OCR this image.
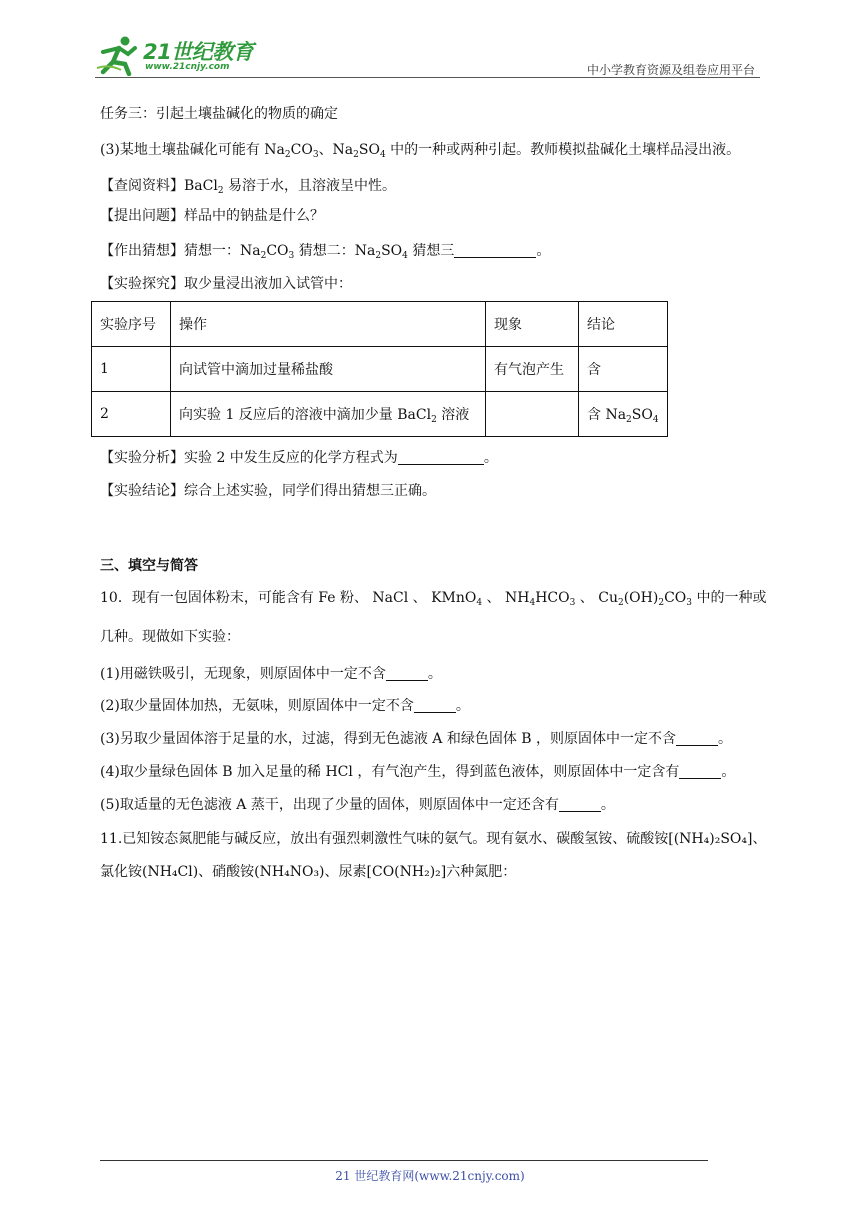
21世纪教育
www.21cnjy.com	中小学教育资源及组卷应用平台
任务三：引起土壤盐碱化的物质的确定
(3)某地土壤盐碱化可能有 $Na_2CO_3$、$Na_2SO_4$ 中的一种或两种引起。教师模拟盐碱化土壤样品浸出液。
【查阅资料】BaCl$_2$ 易溶于水，且溶液呈中性。
【提出问题】样品中的钠盐是什么？
【作出猜想】猜想一：$Na_2CO_3$ 猜想二：$Na_2SO_4$ 猜想三	。
【实验探究】取少量浸出液加入试管中：
实验序号	操作	现象	结论
1	向试管中滴加过量稀盐酸	有气泡产生	含
2	向实验 1 反应后的溶液中滴加少量 BaCl$_2$ 溶液		含 $Na_2SO_4$
【实验分析】实验 2 中发生反应的化学方程式为	。
【实验结论】综合上述实验，同学们得出猜想三正确。
三、填空与简答
10．现有一包固体粉末，可能含有 Fe 粉、 NaCl 、 KMnO$_4$ 、 $NH_4HCO_3$ 、 $Cu_2(OH)_2CO_3$ 中的一种或
几种。现做如下实验：
(1)用磁铁吸引，无现象，则原固体中一定不含	。
(2)取少量固体加热，无氨味，则原固体中一定不含	。
(3)另取少量固体溶于足量的水，过滤，得到无色滤液 A 和绿色固体 B ，则原固体中一定不含	。
(4)取少量绿色固体 B 加入足量的稀 HCl ，有气泡产生，得到蓝色液体，则原固体中一定含有	。
(5)取适量的无色滤液 A 蒸干，出现了少量的固体，则原固体中一定还含有	。
11.已知铵态氮肥能与碱反应，放出有强烈刺激性气味的氨气。现有氨水、碳酸氢铵、硫酸铵[(NH₄)₂SO₄]、
氯化铵(NH₄Cl)、硝酸铵(NH₄NO₃)、尿素[CO(NH₂)₂]六种氮肥：
21 世纪教育网(www.21cnjy.com)
